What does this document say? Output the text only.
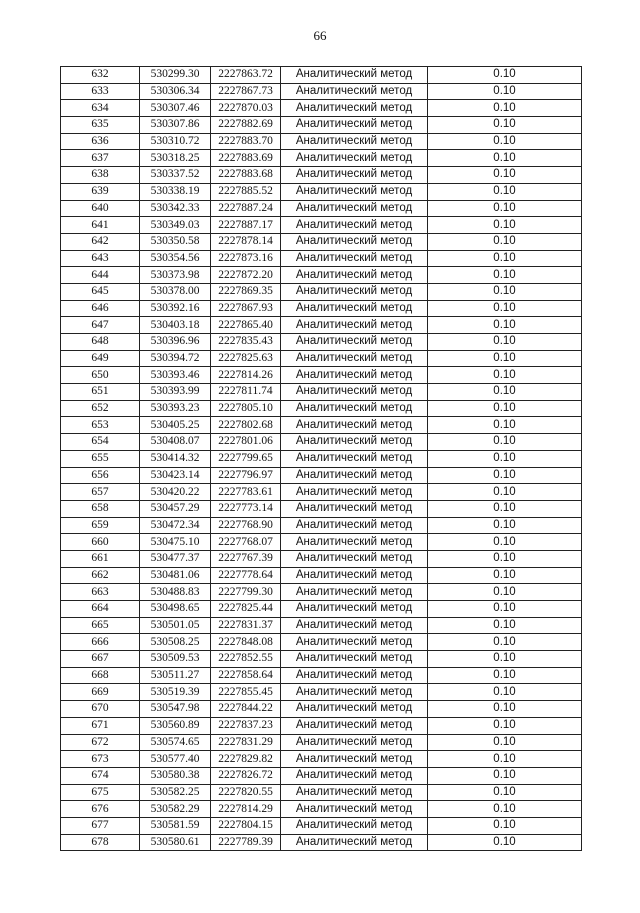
66
632	530299.30	2227863.72	Аналитический метод	0.10
633	530306.34	2227867.73	Аналитический метод	0.10
634	530307.46	2227870.03	Аналитический метод	0.10
635	530307.86	2227882.69	Аналитический метод	0.10
636	530310.72	2227883.70	Аналитический метод	0.10
637	530318.25	2227883.69	Аналитический метод	0.10
638	530337.52	2227883.68	Аналитический метод	0.10
639	530338.19	2227885.52	Аналитический метод	0.10
640	530342.33	2227887.24	Аналитический метод	0.10
641	530349.03	2227887.17	Аналитический метод	0.10
642	530350.58	2227878.14	Аналитический метод	0.10
643	530354.56	2227873.16	Аналитический метод	0.10
644	530373.98	2227872.20	Аналитический метод	0.10
645	530378.00	2227869.35	Аналитический метод	0.10
646	530392.16	2227867.93	Аналитический метод	0.10
647	530403.18	2227865.40	Аналитический метод	0.10
648	530396.96	2227835.43	Аналитический метод	0.10
649	530394.72	2227825.63	Аналитический метод	0.10
650	530393.46	2227814.26	Аналитический метод	0.10
651	530393.99	2227811.74	Аналитический метод	0.10
652	530393.23	2227805.10	Аналитический метод	0.10
653	530405.25	2227802.68	Аналитический метод	0.10
654	530408.07	2227801.06	Аналитический метод	0.10
655	530414.32	2227799.65	Аналитический метод	0.10
656	530423.14	2227796.97	Аналитический метод	0.10
657	530420.22	2227783.61	Аналитический метод	0.10
658	530457.29	2227773.14	Аналитический метод	0.10
659	530472.34	2227768.90	Аналитический метод	0.10
660	530475.10	2227768.07	Аналитический метод	0.10
661	530477.37	2227767.39	Аналитический метод	0.10
662	530481.06	2227778.64	Аналитический метод	0.10
663	530488.83	2227799.30	Аналитический метод	0.10
664	530498.65	2227825.44	Аналитический метод	0.10
665	530501.05	2227831.37	Аналитический метод	0.10
666	530508.25	2227848.08	Аналитический метод	0.10
667	530509.53	2227852.55	Аналитический метод	0.10
668	530511.27	2227858.64	Аналитический метод	0.10
669	530519.39	2227855.45	Аналитический метод	0.10
670	530547.98	2227844.22	Аналитический метод	0.10
671	530560.89	2227837.23	Аналитический метод	0.10
672	530574.65	2227831.29	Аналитический метод	0.10
673	530577.40	2227829.82	Аналитический метод	0.10
674	530580.38	2227826.72	Аналитический метод	0.10
675	530582.25	2227820.55	Аналитический метод	0.10
676	530582.29	2227814.29	Аналитический метод	0.10
677	530581.59	2227804.15	Аналитический метод	0.10
678	530580.61	2227789.39	Аналитический метод	0.10
